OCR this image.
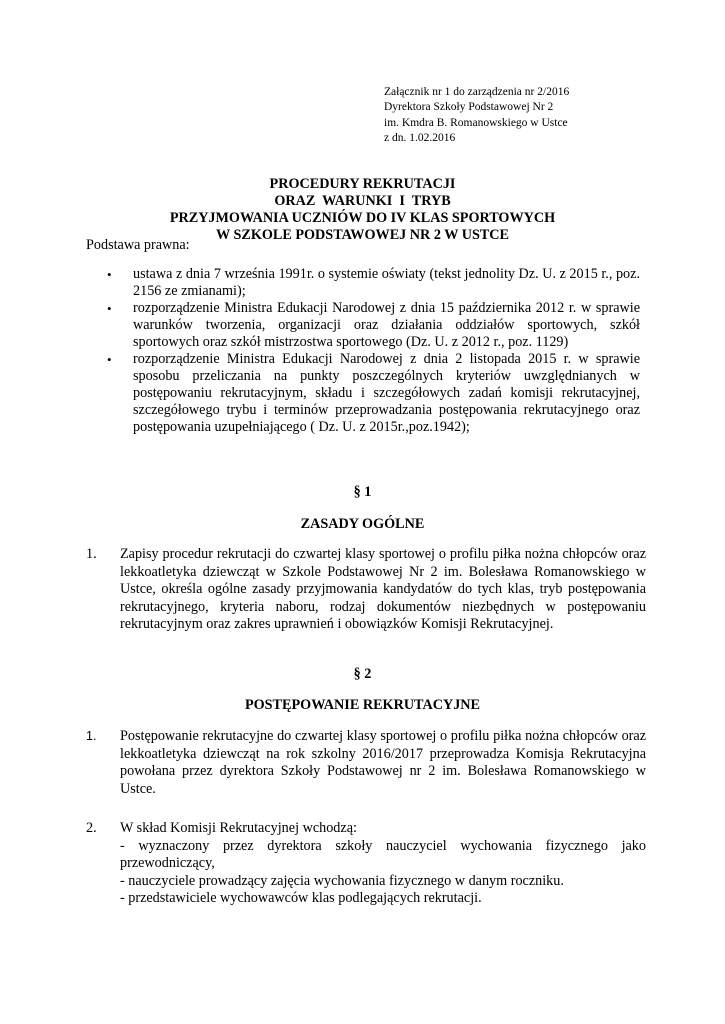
Załącznik nr 1 do zarządzenia nr 2/2016
Dyrektora Szkoły Podstawowej Nr 2
im. Kmdra B. Romanowskiego w Ustce
z dn. 1.02.2016
PROCEDURY REKRUTACJI
ORAZ  WARUNKI  I  TRYB
PRZYJMOWANIA UCZNIÓW DO IV KLAS SPORTOWYCH
W SZKOLE PODSTAWOWEJ NR 2 W USTCE
Podstawa prawna:
• ustawa z dnia 7 września 1991r. o systemie oświaty (tekst jednolity Dz. U. z 2015 r., poz. 2156 ze zmianami);
• rozporządzenie Ministra Edukacji Narodowej z dnia 15 października 2012 r. w sprawie warunków tworzenia, organizacji oraz działania oddziałów sportowych, szkół sportowych oraz szkół mistrzostwa sportowego (Dz. U. z 2012 r., poz. 1129)
• rozporządzenie Ministra Edukacji Narodowej z dnia 2 listopada 2015 r. w sprawie sposobu przeliczania na punkty poszczególnych kryteriów uwzględnianych w postępowaniu rekrutacyjnym, składu i szczegółowych zadań komisji rekrutacyjnej, szczegółowego trybu i terminów przeprowadzania postępowania rekrutacyjnego oraz postępowania uzupełniającego ( Dz. U. z 2015r.,poz.1942);
§ 1
ZASADY OGÓLNE
1. Zapisy procedur rekrutacji do czwartej klasy sportowej o profilu piłka nożna chłopców oraz lekkoatletyka dziewcząt w Szkole Podstawowej Nr 2 im. Bolesława Romanowskiego w Ustce, określa ogólne zasady przyjmowania kandydatów do tych klas, tryb postępowania rekrutacyjnego, kryteria naboru, rodzaj dokumentów niezbędnych w postępowaniu rekrutacyjnym oraz zakres uprawnień i obowiązków Komisji Rekrutacyjnej.
§ 2
POSTĘPOWANIE REKRUTACYJNE
1. Postępowanie rekrutacyjne do czwartej klasy sportowej o profilu piłka nożna chłopców oraz lekkoatletyka dziewcząt na rok szkolny 2016/2017 przeprowadza Komisja Rekrutacyjna powołana przez dyrektora Szkoły Podstawowej nr 2 im. Bolesława Romanowskiego w Ustce.
2. W skład Komisji Rekrutacyjnej wchodzą:
- wyznaczony przez dyrektora szkoły nauczyciel wychowania fizycznego jako przewodniczący,
- nauczyciele prowadzący zajęcia wychowania fizycznego w danym roczniku.
- przedstawiciele wychowawców klas podlegających rekrutacji.
